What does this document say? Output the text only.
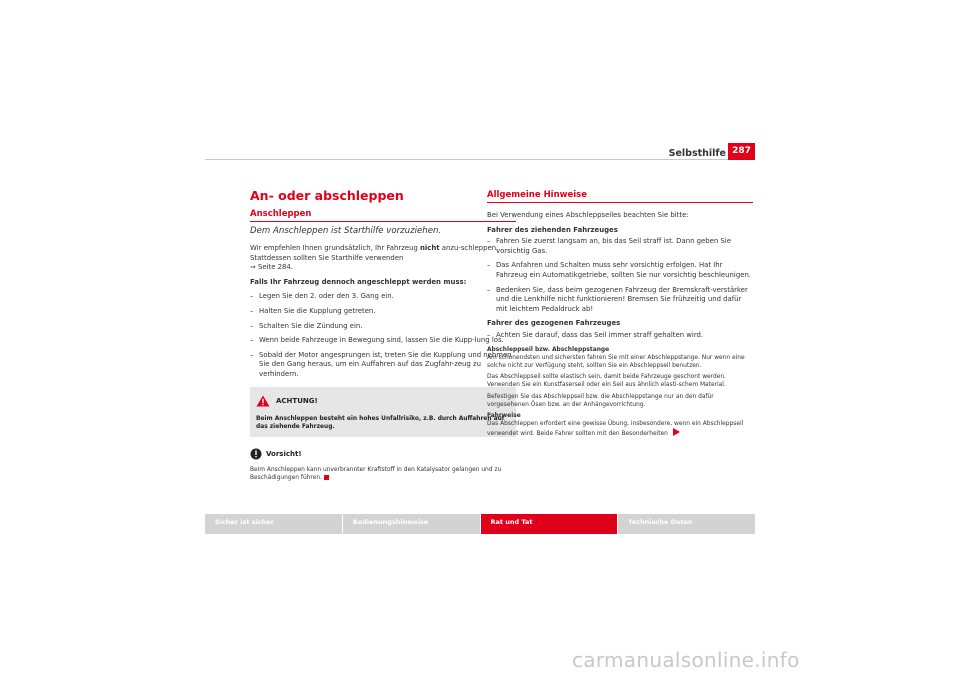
Selbsthilfe 287
An- oder abschleppen
Anschleppen
Dem Anschleppen ist Starthilfe vorzuziehen.

Wir empfehlen Ihnen grundsätzlich, Ihr Fahrzeug nicht anzu-schleppen. Stattdessen sollten Sie Starthilfe verwenden
⇒ Seite 284.

Falls Ihr Fahrzeug dennoch angeschleppt werden muss:

– Legen Sie den 2. oder den 3. Gang ein.
– Halten Sie die Kupplung getreten.
– Schalten Sie die Zündung ein.
– Wenn beide Fahrzeuge in Bewegung sind, lassen Sie die Kupp-lung los.
– Sobald der Motor angesprungen ist, treten Sie die Kupplung und nehmen Sie den Gang heraus, um ein Auffahren auf das Zugfahr-zeug zu verhindern.
ACHTUNG!
Beim Anschleppen besteht ein hohes Unfallrisiko, z.B. durch Auffahren auf das ziehende Fahrzeug.
Vorsicht!
Beim Anschleppen kann unverbrannter Kraftstoff in den Katalysator gelangen und zu Beschädigungen führen.
Allgemeine Hinweise

Bei Verwendung eines Abschleppseiles beachten Sie bitte:

Fahrer des ziehenden Fahrzeuges

– Fahren Sie zuerst langsam an, bis das Seil straff ist. Dann geben Sie vorsichtig Gas.
– Das Anfahren und Schalten muss sehr vorsichtig erfolgen. Hat Ihr Fahrzeug ein Automatikgetriebe, sollten Sie nur vorsichtig beschleunigen.
– Bedenken Sie, dass beim gezogenen Fahrzeug der Bremskraft-verstärker und die Lenkhilfe nicht funktionieren! Bremsen Sie frühzeitig und dafür mit leichtem Pedaldruck ab!

Fahrer des gezogenen Fahrzeuges

– Achten Sie darauf, dass das Seil immer straff gehalten wird.
Abschleppseil bzw. Abschleppstange
Am schonendsten und sichersten fahren Sie mit einer Abschleppstange. Nur wenn eine solche nicht zur Verfügung steht, sollten Sie ein Abschleppseil benutzen.
Das Abschleppseil sollte elastisch sein, damit beide Fahrzeuge geschont werden. Verwenden Sie ein Kunstfaserseil oder ein Seil aus ähnlich elasti-schem Material.
Befestigen Sie das Abschleppseil bzw. die Abschleppstange nur an den dafür vorgesehenen Ösen bzw. an der Anhängevorrichtung.
Fahrweise
Das Abschleppen erfordert eine gewisse Übung, insbesondere, wenn ein Abschleppseil verwendet wird. Beide Fahrer sollten mit den Besonderheiten
Sicher ist sicher	Bedienungshinweise	Rat und Tat	Technische Daten
carmanualsonline.info
